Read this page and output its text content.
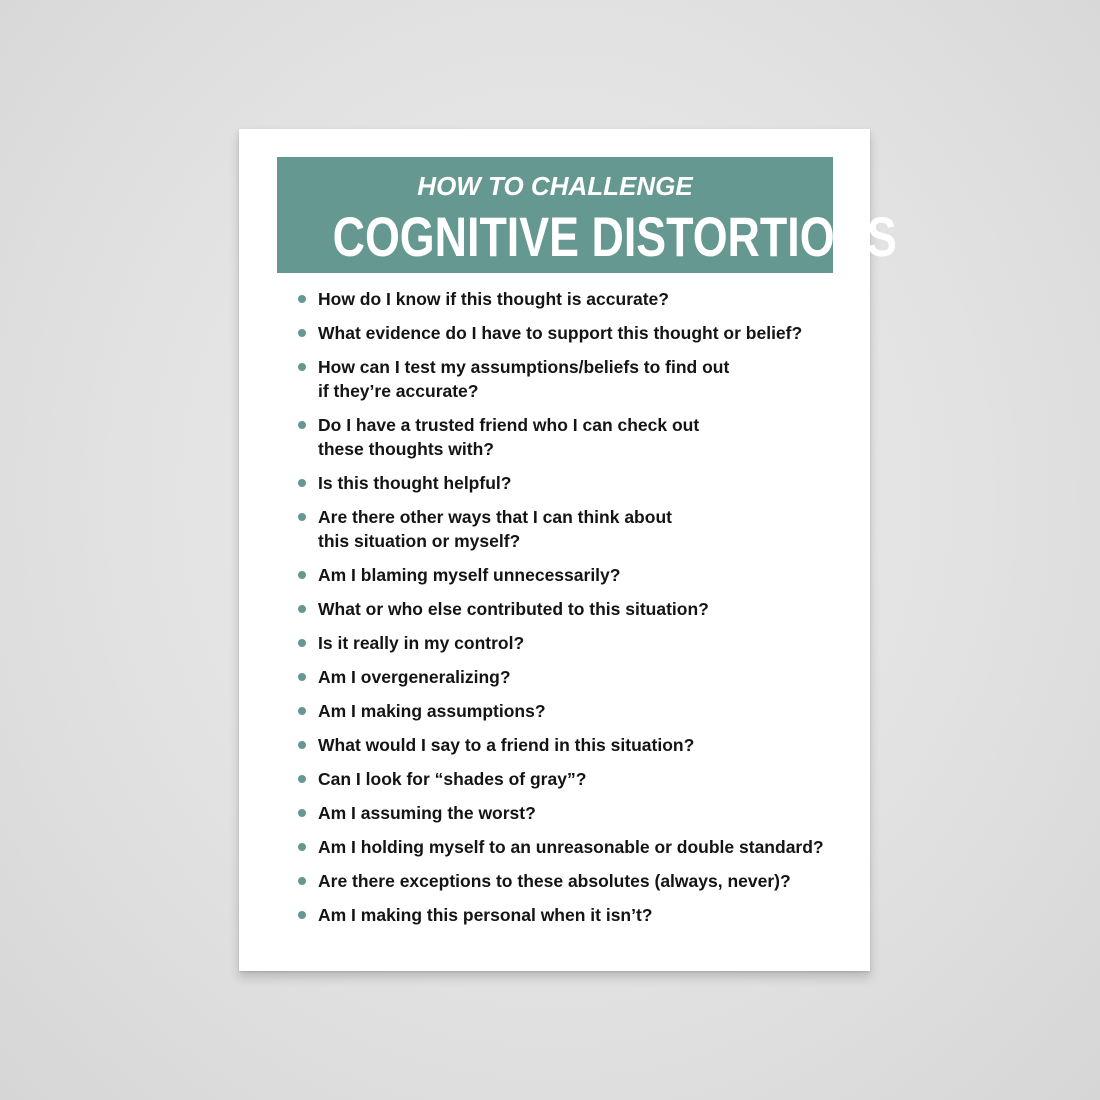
HOW TO CHALLENGE
COGNITIVE DISTORTIONS
How do I know if this thought is accurate?
What evidence do I have to support this thought or belief?
How can I test my assumptions/beliefs to find out
if they’re accurate?
Do I have a trusted friend who I can check out
these thoughts with?
Is this thought helpful?
Are there other ways that I can think about
this situation or myself?
Am I blaming myself unnecessarily?
What or who else contributed to this situation?
Is it really in my control?
Am I overgeneralizing?
Am I making assumptions?
What would I say to a friend in this situation?
Can I look for “shades of gray”?
Am I assuming the worst?
Am I holding myself to an unreasonable or double standard?
Are there exceptions to these absolutes (always, never)?
Am I making this personal when it isn’t?
